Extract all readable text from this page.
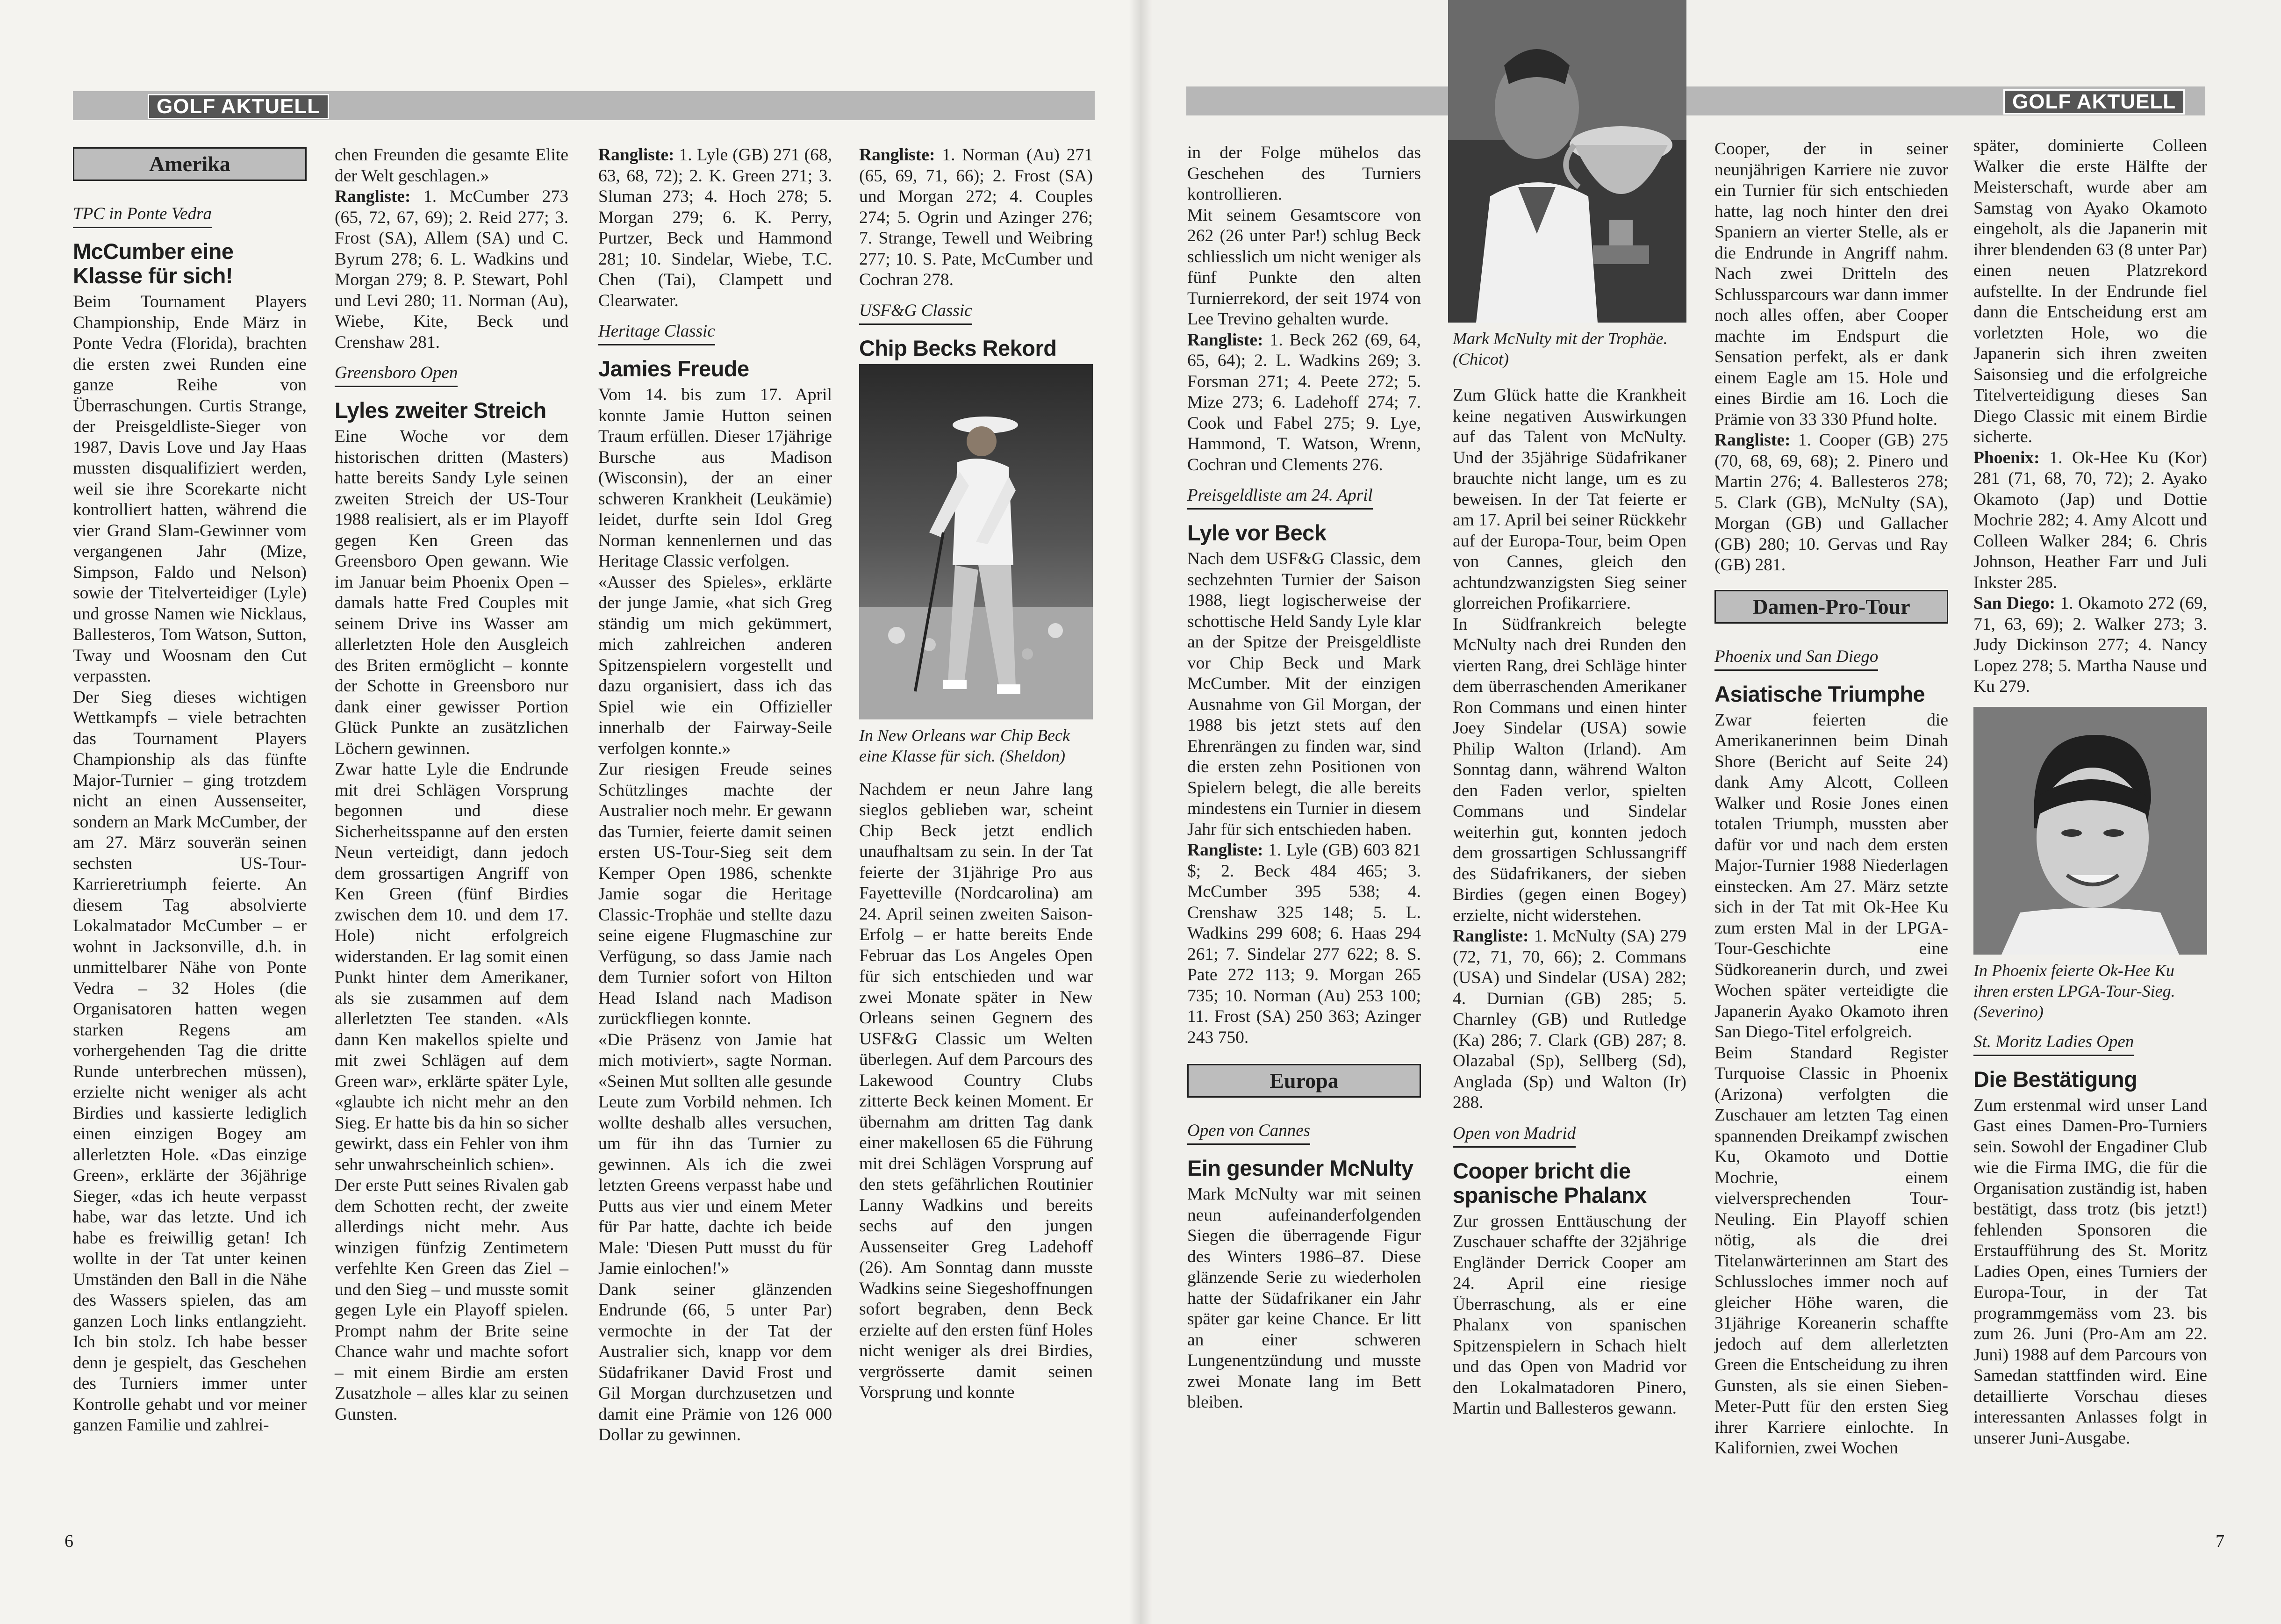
GOLF AKTUELL
Amerika
TPC in Ponte Vedra
McCumber eine Klasse für sich!

Beim Tournament Players Championship, Ende März in Ponte Vedra (Florida), brachten die ersten zwei Runden eine ganze Reihe von Überraschungen. Curtis Strange, der Preisgeldliste-Sieger von 1987, Davis Love und Jay Haas mussten disqualifiziert werden, weil sie ihre Scorekarte nicht kontrolliert hatten, während die vier Grand Slam-Gewinner vom vergangenen Jahr (Mize, Simpson, Faldo und Nelson) sowie der Titelverteidiger (Lyle) und grosse Namen wie Nicklaus, Ballesteros, Tom Watson, Sutton, Tway und Woosnam den Cut verpassten.

Der Sieg dieses wichtigen Wettkampfs – viele betrachten das Tournament Players Championship als das fünfte Major-Turnier – ging trotzdem nicht an einen Aussenseiter, sondern an Mark McCumber, der am 27. März souverän seinen sechsten US-Tour-Karrieretriumph feierte. An diesem Tag absolvierte Lokalmatador McCumber – er wohnt in Jacksonville, d.h. in unmittelbarer Nähe von Ponte Vedra – 32 Holes (die Organisatoren hatten wegen starken Regens am vorhergehenden Tag die dritte Runde unterbrechen müssen), erzielte nicht weniger als acht Birdies und kassierte lediglich einen einzigen Bogey am allerletzten Hole. «Das einzige Green», erklärte der 36jährige Sieger, «das ich heute verpasst habe, war das letzte. Und ich habe es freiwillig getan! Ich wollte in der Tat unter keinen Umständen den Ball in die Nähe des Wassers spielen, das am ganzen Loch links entlangzieht. Ich bin stolz. Ich habe besser denn je gespielt, das Geschehen des Turniers immer unter Kontrolle gehabt und vor meiner ganzen Familie und zahlrei-

chen Freunden die gesamte Elite der Welt geschlagen.»

Rangliste: 1. McCumber 273 (65, 72, 67, 69); 2. Reid 277; 3. Frost (SA), Allem (SA) und C. Byrum 278; 6. L. Wadkins und Morgan 279; 8. P. Stewart, Pohl und Levi 280; 11. Norman (Au), Wiebe, Kite, Beck und Crenshaw 281.

Greensboro Open
Lyles zweiter Streich

Eine Woche vor dem historischen dritten (Masters) hatte bereits Sandy Lyle seinen zweiten Streich der US-Tour 1988 realisiert, als er im Playoff gegen Ken Green das Greensboro Open gewann. Wie im Januar beim Phoenix Open – damals hatte Fred Couples mit seinem Drive ins Wasser am allerletzten Hole den Ausgleich des Briten ermöglicht – konnte der Schotte in Greensboro nur dank einer gewisser Portion Glück Punkte an zusätzlichen Löchern gewinnen.

Zwar hatte Lyle die Endrunde mit drei Schlägen Vorsprung begonnen und diese Sicherheitsspanne auf den ersten Neun verteidigt, dann jedoch dem grossartigen Angriff von Ken Green (fünf Birdies zwischen dem 10. und dem 17. Hole) nicht erfolgreich widerstanden. Er lag somit einen Punkt hinter dem Amerikaner, als sie zusammen auf dem allerletzten Tee standen. «Als dann Ken makellos spielte und mit zwei Schlägen auf dem Green war», erklärte später Lyle, «glaubte ich nicht mehr an den Sieg. Er hatte bis da hin so sicher gewirkt, dass ein Fehler von ihm sehr unwahrscheinlich schien».

Der erste Putt seines Rivalen gab dem Schotten recht, der zweite allerdings nicht mehr. Aus winzigen fünfzig Zentimetern verfehlte Ken Green das Ziel – und den Sieg – und musste somit gegen Lyle ein Playoff spielen. Prompt nahm der Brite seine Chance wahr und machte sofort – mit einem Birdie am ersten Zusatzhole – alles klar zu seinen Gunsten.

Rangliste: 1. Lyle (GB) 271 (68, 63, 68, 72); 2. K. Green 271; 3. Sluman 273; 4. Hoch 278; 5. Morgan 279; 6. K. Perry, Purtzer, Beck und Hammond 281; 10. Sindelar, Wiebe, T.C. Chen (Tai), Clampett und Clearwater.

Heritage Classic
Jamies Freude

Vom 14. bis zum 17. April konnte Jamie Hutton seinen Traum erfüllen. Dieser 17jährige Bursche aus Madison (Wisconsin), der an einer schweren Krankheit (Leukämie) leidet, durfte sein Idol Greg Norman kennenlernen und das Heritage Classic verfolgen.

«Ausser des Spieles», erklärte der junge Jamie, «hat sich Greg ständig um mich gekümmert, mich zahlreichen anderen Spitzenspielern vorgestellt und dazu organisiert, dass ich das Spiel wie ein Offizieller innerhalb der Fairway-Seile verfolgen konnte.»

Zur riesigen Freude seines Schützlinges machte der Australier noch mehr. Er gewann das Turnier, feierte damit seinen ersten US-Tour-Sieg seit dem Kemper Open 1986, schenkte Jamie sogar die Heritage Classic-Trophäe und stellte dazu seine eigene Flugmaschine zur Verfügung, so dass Jamie nach dem Turnier sofort von Hilton Head Island nach Madison zurückfliegen konnte.

«Die Präsenz von Jamie hat mich motiviert», sagte Norman. «Seinen Mut sollten alle gesunde Leute zum Vorbild nehmen. Ich wollte deshalb alles versuchen, um für ihn das Turnier zu gewinnen. Als ich die zwei letzten Greens verpasst habe und Putts aus vier und einem Meter für Par hatte, dachte ich beide Male: 'Diesen Putt musst du für Jamie einlochen!'»

Dank seiner glänzenden Endrunde (66, 5 unter Par) vermochte in der Tat der Australier sich, knapp vor dem Südafrikaner David Frost und Gil Morgan durchzusetzen und damit eine Prämie von 126 000 Dollar zu gewinnen.

Rangliste: 1. Norman (Au) 271 (65, 69, 71, 66); 2. Frost (SA) und Morgan 272; 4. Couples 274; 5. Ogrin und Azinger 276; 7. Strange, Tewell und Weibring 277; 10. S. Pate, McCumber und Cochran 278.

USF&G Classic
Chip Becks Rekord
In New Orleans war Chip Beck eine Klasse für sich. (Sheldon)

Nachdem er neun Jahre lang sieglos geblieben war, scheint Chip Beck jetzt endlich unaufhaltsam zu sein. In der Tat feierte der 31jährige Pro aus Fayetteville (Nordcarolina) am 24. April seinen zweiten Saison-Erfolg – er hatte bereits Ende Februar das Los Angeles Open für sich entschieden und war zwei Monate später in New Orleans seinen Gegnern des USF&G Classic um Welten überlegen. Auf dem Parcours des Lakewood Country Clubs zitterte Beck keinen Moment. Er übernahm am dritten Tag dank einer makellosen 65 die Führung mit drei Schlägen Vorsprung auf den stets gefährlichen Routinier Lanny Wadkins und bereits sechs auf den jungen Aussenseiter Greg Ladehoff (26). Am Sonntag dann musste Wadkins seine Siegeshoffnungen sofort begraben, denn Beck erzielte auf den ersten fünf Holes nicht weniger als drei Birdies, vergrösserte damit seinen Vorsprung und konnte

6
GOLF AKTUELL

in der Folge mühelos das Geschehen des Turniers kontrollieren.

Mit seinem Gesamtscore von 262 (26 unter Par!) schlug Beck schliesslich um nicht weniger als fünf Punkte den alten Turnierrekord, der seit 1974 von Lee Trevino gehalten wurde.

Rangliste: 1. Beck 262 (69, 64, 65, 64); 2. L. Wadkins 269; 3. Forsman 271; 4. Peete 272; 5. Mize 273; 6. Ladehoff 274; 7. Cook und Fabel 275; 9. Lye, Hammond, T. Watson, Wrenn, Cochran und Clements 276.

Preisgeldliste am 24. April
Lyle vor Beck

Nach dem USF&G Classic, dem sechzehnten Turnier der Saison 1988, liegt logischerweise der schottische Held Sandy Lyle klar an der Spitze der Preisgeldliste vor Chip Beck und Mark McCumber. Mit der einzigen Ausnahme von Gil Morgan, der 1988 bis jetzt stets auf den Ehrenrängen zu finden war, sind die ersten zehn Positionen von Spielern belegt, die alle bereits mindestens ein Turnier in diesem Jahr für sich entschieden haben.

Rangliste: 1. Lyle (GB) 603 821 $; 2. Beck 484 465; 3. McCumber 395 538; 4. Crenshaw 325 148; 5. L. Wadkins 299 608; 6. Haas 294 261; 7. Sindelar 277 622; 8. S. Pate 272 113; 9. Morgan 265 735; 10. Norman (Au) 253 100; 11. Frost (SA) 250 363; Azinger 243 750.

Europa
Open von Cannes
Ein gesunder McNulty

Mark McNulty war mit seinen neun aufeinanderfolgenden Siegen die überragende Figur des Winters 1986–87. Diese glänzende Serie zu wiederholen hatte der Südafrikaner ein Jahr später gar keine Chance. Er litt an einer schweren Lungenentzündung und musste zwei Monate lang im Bett bleiben.

Mark McNulty mit der Trophäe. (Chicot)

Zum Glück hatte die Krankheit keine negativen Auswirkungen auf das Talent von McNulty. Und der 35jährige Südafrikaner brauchte nicht lange, um es zu beweisen. In der Tat feierte er am 17. April bei seiner Rückkehr auf der Europa-Tour, beim Open von Cannes, gleich den achtundzwanzigsten Sieg seiner glorreichen Profikarriere.

In Südfrankreich belegte McNulty nach drei Runden den vierten Rang, drei Schläge hinter dem überraschenden Amerikaner Ron Commans und einen hinter Joey Sindelar (USA) sowie Philip Walton (Irland). Am Sonntag dann, während Walton den Faden verlor, spielten Commans und Sindelar weiterhin gut, konnten jedoch dem grossartigen Schlussangriff des Südafrikaners, der sieben Birdies (gegen einen Bogey) erzielte, nicht widerstehen.

Rangliste: 1. McNulty (SA) 279 (72, 71, 70, 66); 2. Commans (USA) und Sindelar (USA) 282; 4. Durnian (GB) 285; 5. Charnley (GB) und Rutledge (Ka) 286; 7. Clark (GB) 287; 8. Olazabal (Sp), Sellberg (Sd), Anglada (Sp) und Walton (Ir) 288.

Open von Madrid
Cooper bricht die spanische Phalanx

Zur grossen Enttäuschung der Zuschauer schaffte der 32jährige Engländer Derrick Cooper am 24. April eine riesige Überraschung, als er eine Phalanx von spanischen Spitzenspielern in Schach hielt und das Open von Madrid vor den Lokalmatadoren Pinero, Martin und Ballesteros gewann.

Cooper, der in seiner neunjährigen Karriere nie zuvor ein Turnier für sich entschieden hatte, lag noch hinter den drei Spaniern an vierter Stelle, als er die Endrunde in Angriff nahm. Nach zwei Dritteln des Schlussparcours war dann immer noch alles offen, aber Cooper machte im Endspurt die Sensation perfekt, als er dank einem Eagle am 15. Hole und eines Birdie am 16. Loch die Prämie von 33 330 Pfund holte.

Rangliste: 1. Cooper (GB) 275 (70, 68, 69, 68); 2. Pinero und Martin 276; 4. Ballesteros 278; 5. Clark (GB), McNulty (SA), Morgan (GB) und Gallacher (GB) 280; 10. Gervas und Ray (GB) 281.

Damen-Pro-Tour
Phoenix und San Diego
Asiatische Triumphe

Zwar feierten die Amerikanerinnen beim Dinah Shore (Bericht auf Seite 24) dank Amy Alcott, Colleen Walker und Rosie Jones einen totalen Triumph, mussten aber dafür vor und nach dem ersten Major-Turnier 1988 Niederlagen einstecken. Am 27. März setzte sich in der Tat mit Ok-Hee Ku zum ersten Mal in der LPGA-Tour-Geschichte eine Südkoreanerin durch, und zwei Wochen später verteidigte die Japanerin Ayako Okamoto ihren San Diego-Titel erfolgreich.

Beim Standard Register Turquoise Classic in Phoenix (Arizona) verfolgten die Zuschauer am letzten Tag einen spannenden Dreikampf zwischen Ku, Okamoto und Dottie Mochrie, einem vielversprechenden Tour-Neuling. Ein Playoff schien nötig, als die drei Titelanwärterinnen am Start des Schlussloches immer noch auf gleicher Höhe waren, die 31jährige Koreanerin schaffte jedoch auf dem allerletzten Green die Entscheidung zu ihren Gunsten, als sie einen Sieben-Meter-Putt für den ersten Sieg ihrer Karriere einlochte. In Kalifornien, zwei Wochen

später, dominierte Colleen Walker die erste Hälfte der Meisterschaft, wurde aber am Samstag von Ayako Okamoto eingeholt, als die Japanerin mit ihrer blendenden 63 (8 unter Par) einen neuen Platzrekord aufstellte. In der Endrunde fiel dann die Entscheidung erst am vorletzten Hole, wo die Japanerin sich ihren zweiten Saisonsieg und die erfolgreiche Titelverteidigung dieses San Diego Classic mit einem Birdie sicherte.

Phoenix: 1. Ok-Hee Ku (Kor) 281 (71, 68, 70, 72); 2. Ayako Okamoto (Jap) und Dottie Mochrie 282; 4. Amy Alcott und Colleen Walker 284; 6. Chris Johnson, Heather Farr und Juli Inkster 285.

San Diego: 1. Okamoto 272 (69, 71, 63, 69); 2. Walker 273; 3. Judy Dickinson 277; 4. Nancy Lopez 278; 5. Martha Nause und Ku 279.

In Phoenix feierte Ok-Hee Ku ihren ersten LPGA-Tour-Sieg. (Severino)
St. Moritz Ladies Open
Die Bestätigung

Zum erstenmal wird unser Land Gast eines Damen-Pro-Turniers sein. Sowohl der Engadiner Club wie die Firma IMG, die für die Organisation zuständig ist, haben bestätigt, dass trotz (bis jetzt!) fehlenden Sponsoren die Erstaufführung des St. Moritz Ladies Open, eines Turniers der Europa-Tour, in der Tat programmgemäss vom 23. bis zum 26. Juni (Pro-Am am 22. Juni) 1988 auf dem Parcours von Samedan stattfinden wird. Eine detaillierte Vorschau dieses interessanten Anlasses folgt in unserer Juni-Ausgabe.

7
